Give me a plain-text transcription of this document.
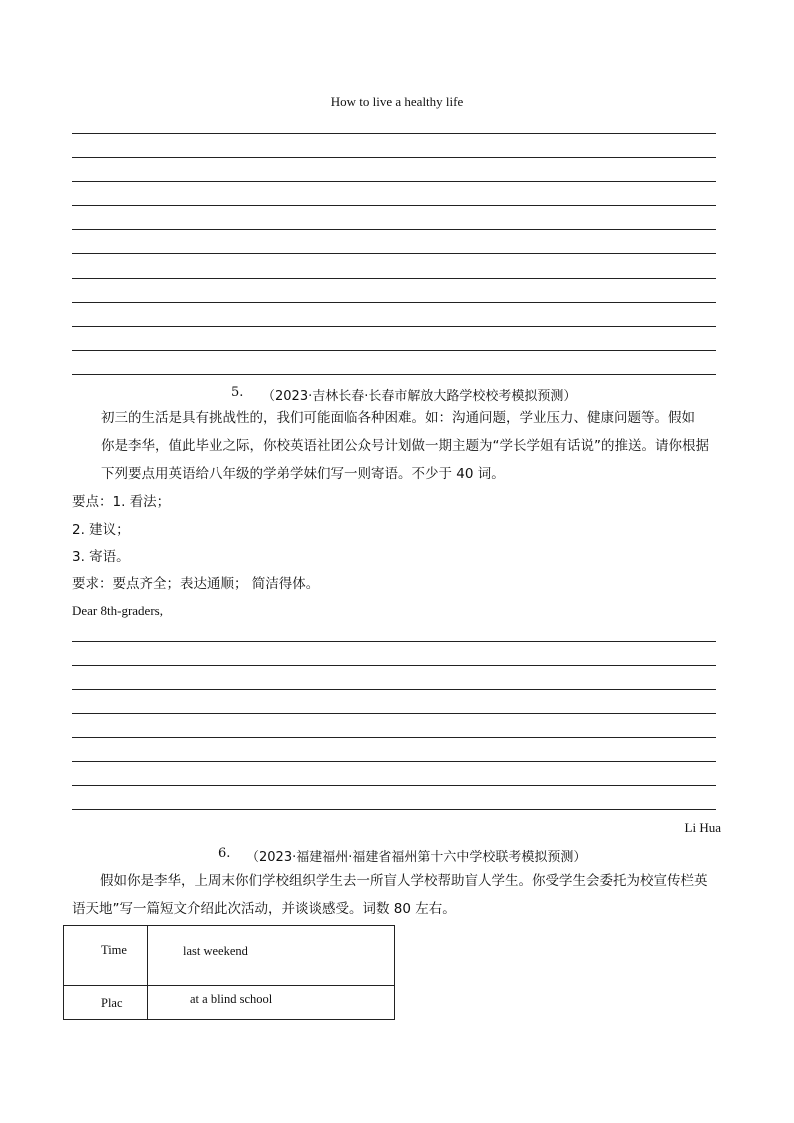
How to live a healthy life
5. （2023·吉林长春·长春市解放大路学校校考模拟预测）
初三的生活是具有挑战性的，我们可能面临各种困难。如：沟通问题，学业压力、健康问题等。假如
你是李华，值此毕业之际，你校英语社团公众号计划做一期主题为“学长学姐有话说”的推送。请你根据
下列要点用英语给八年级的学弟学妹们写一则寄语。不少于 40 词。
要点：1. 看法；
2. 建议；
3. 寄语。
要求：要点齐全；表达通顺； 简洁得体。
Dear 8th-graders,
Li Hua
6. （2023·福建福州·福建省福州第十六中学校联考模拟预测）
假如你是李华，上周末你们学校组织学生去一所盲人学校帮助盲人学生。你受学生会委托为校宣传栏英
语天地”写一篇短文介绍此次活动，并谈谈感受。词数 80 左右。
Time	last weekend

Plac	at a blind school
